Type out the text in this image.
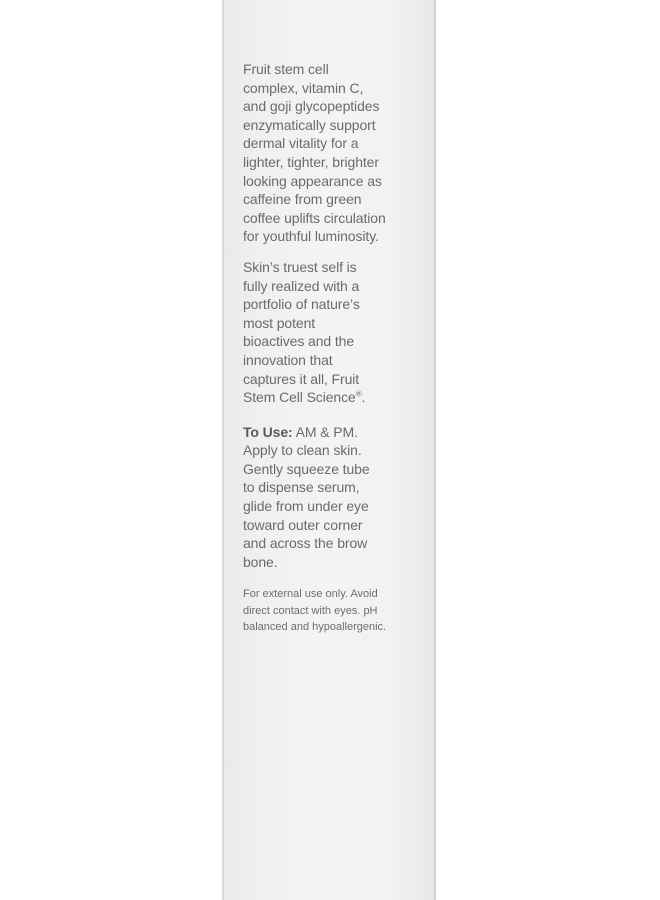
Fruit stem cell
complex, vitamin C,
and goji glycopeptides
enzymatically support
dermal vitality for a
lighter, tighter, brighter
looking appearance as
caffeine from green
coffee uplifts circulation
for youthful luminosity.

Skin’s truest self is
fully realized with a
portfolio of nature’s
most potent
bioactives and the
innovation that
captures it all, Fruit
Stem Cell Science®.

To Use: AM & PM.
Apply to clean skin.
Gently squeeze tube
to dispense serum,
glide from under eye
toward outer corner
and across the brow
bone.

For external use only. Avoid
direct contact with eyes. pH
balanced and hypoallergenic.
